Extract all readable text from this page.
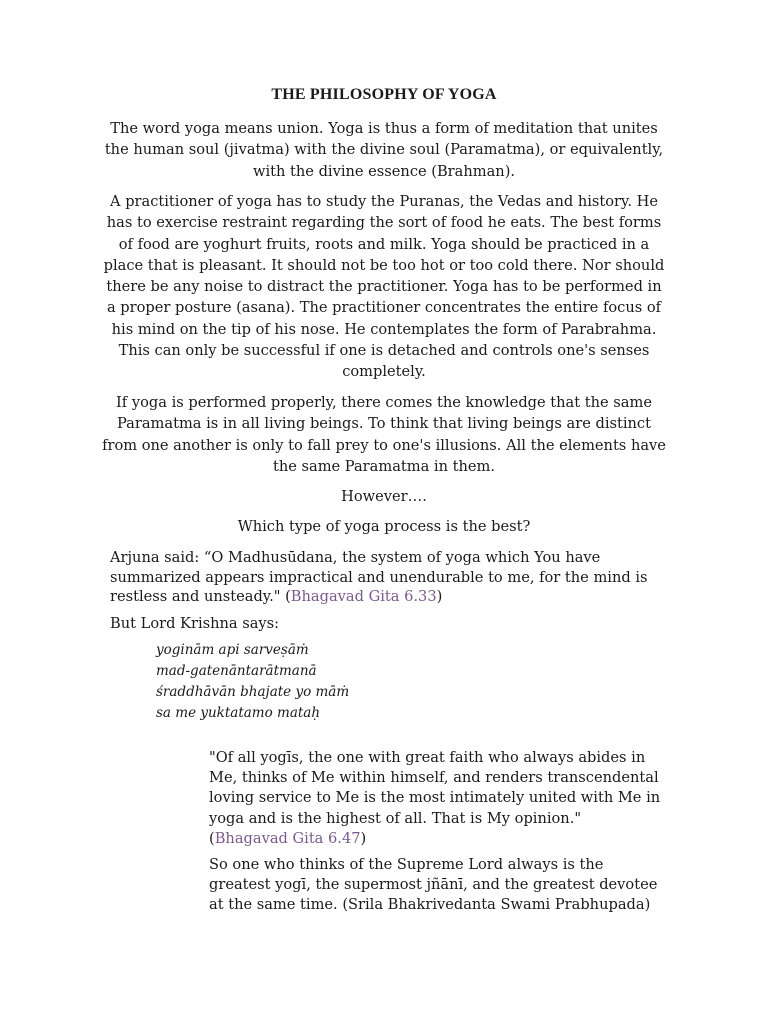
THE PHILOSOPHY OF YOGA

The word yoga means union. Yoga is thus a form of meditation that unites the human soul (jivatma) with the divine soul (Paramatma), or equivalently, with the divine essence (Brahman).

A practitioner of yoga has to study the Puranas, the Vedas and history. He has to exercise restraint regarding the sort of food he eats. The best forms of food are yoghurt fruits, roots and milk. Yoga should be practiced in a place that is pleasant. It should not be too hot or too cold there. Nor should there be any noise to distract the practitioner. Yoga has to be performed in a proper posture (asana). The practitioner concentrates the entire focus of his mind on the tip of his nose. He contemplates the form of Parabrahma. This can only be successful if one is detached and controls one's senses completely.

If yoga is performed properly, there comes the knowledge that the same Paramatma is in all living beings. To think that living beings are distinct from one another is only to fall prey to one's illusions. All the elements have the same Paramatma in them.

However….

Which type of yoga process is the best?

Arjuna said: “O Madhusūdana, the system of yoga which You have summarized appears impractical and unendurable to me, for the mind is restless and unsteady." (Bhagavad Gita 6.33)

But Lord Krishna says:

yoginām api sarveṣāṁ
mad-gatenāntarātmanā
śraddhāvān bhajate yo māṁ
sa me yuktatamo mataḥ

"Of all yogīs, the one with great faith who always abides in Me, thinks of Me within himself, and renders transcendental loving service to Me is the most intimately united with Me in yoga and is the highest of all. That is My opinion." (Bhagavad Gita 6.47)

So one who thinks of the Supreme Lord always is the greatest yogī, the supermost jñānī, and the greatest devotee at the same time. (Srila Bhakrivedanta Swami Prabhupada)
